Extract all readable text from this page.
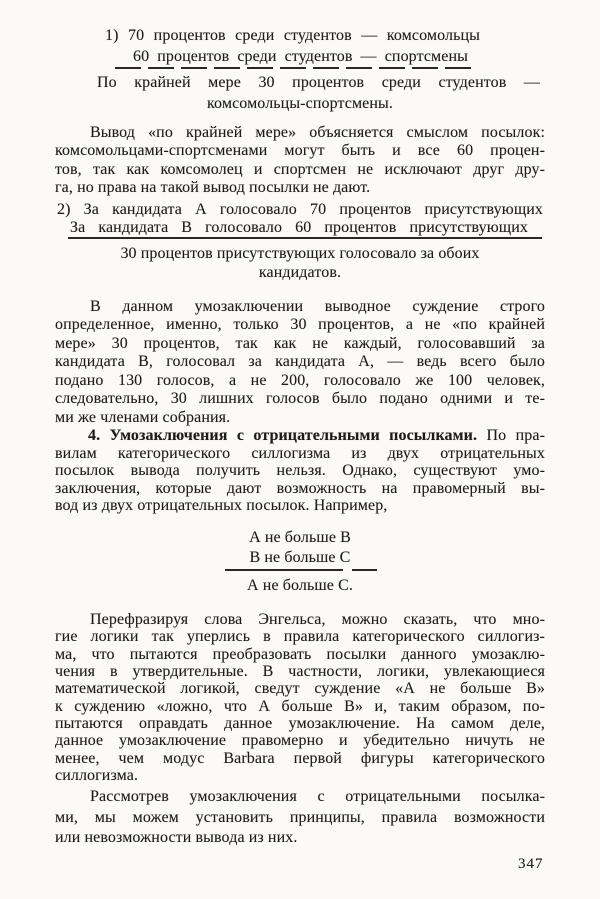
1) 70 процентов среди студентов — комсомольцы
60 процентов среди студентов — спортсмены
По крайней мере 30 процентов среди студентов —
комсомольцы-спортсмены.
Вывод «по крайней мере» объясняется смыслом посылок:
комсомольцами-спортсменами могут быть и все 60 процен-
тов, так как комсомолец и спортсмен не исключают друг дру-
га, но права на такой вывод посылки не дают.
2) За кандидата А голосовало 70 процентов присутствующих
За кандидата В голосовало 60 процентов присутствующих
30 процентов присутствующих голосовало за обоих
кандидатов.
В данном умозаключении выводное суждение строго
определенное, именно, только 30 процентов, а не «по крайней
мере» 30 процентов, так как не каждый, голосовавший за
кандидата В, голосовал за кандидата А, — ведь всего было
подано 130 голосов, а не 200, голосовало же 100 человек,
следовательно, 30 лишних голосов было подано одними и те-
ми же членами собрания.
4. Умозаключения с отрицательными посылками. По пра-
вилам категорического силлогизма из двух отрицательных
посылок вывода получить нельзя. Однако, существуют умо-
заключения, которые дают возможность на правомерный вы-
вод из двух отрицательных посылок. Например,
А не больше В
В не больше С
А не больше С.
Перефразируя слова Энгельса, можно сказать, что мно-
гие логики так уперлись в правила категорического силлогиз-
ма, что пытаются преобразовать посылки данного умозаклю-
чения в утвердительные. В частности, логики, увлекающиеся
математической логикой, сведут суждение «А не больше В»
к суждению «ложно, что А больше В» и, таким образом, по-
пытаются оправдать данное умозаключение. На самом деле,
данное умозаключение правомерно и убедительно ничуть не
менее, чем модус Barbara первой фигуры категорического
силлогизма.
Рассмотрев умозаключения с отрицательными посылка-
ми, мы можем установить принципы, правила возможности
или невозможности вывода из них.
347
